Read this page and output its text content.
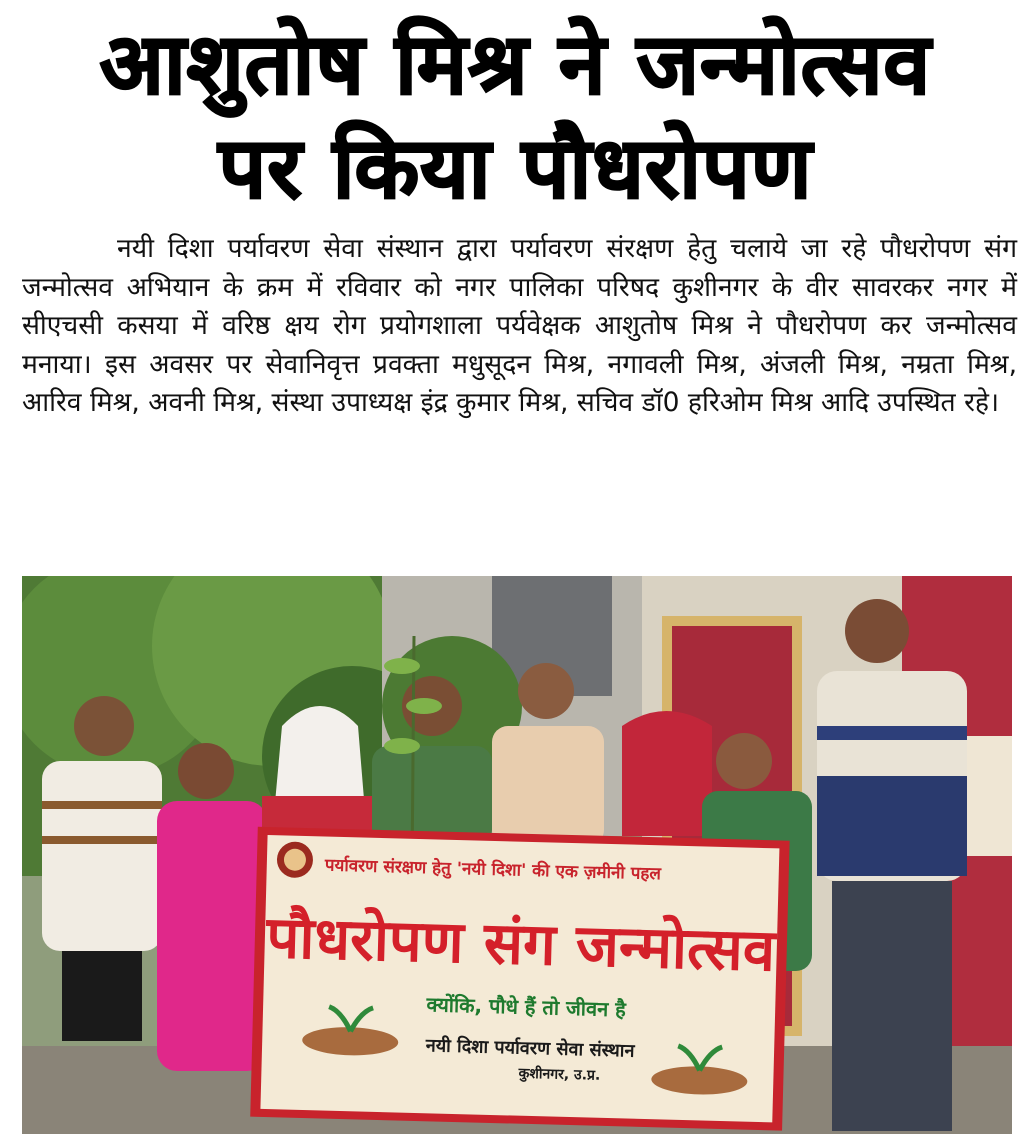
आशुतोष मिश्र ने जन्मोत्सव
पर किया पौधरोपण

नयी दिशा पर्यावरण सेवा संस्थान द्वारा पर्यावरण संरक्षण हेतु चलाये जा रहे पौधरोपण संग जन्मोत्सव अभियान के क्रम में रविवार को नगर पालिका परिषद कुशीनगर के वीर सावरकर नगर में सीएचसी कसया में वरिष्ठ क्षय रोग प्रयोगशाला पर्यवेक्षक आशुतोष मिश्र ने पौधरोपण कर जन्मोत्सव मनाया। इस अवसर पर सेवानिवृत्त प्रवक्ता मधुसूदन मिश्र, नगावली मिश्र, अंजली मिश्र, नम्रता मिश्र, आरिव मिश्र, अवनी मिश्र, संस्था उपाध्यक्ष इंद्र कुमार मिश्र, सचिव डॉ0 हरिओम मिश्र आदि उपस्थित रहे।

पर्यावरण संरक्षण हेतु 'नयी दिशा' की एक ज़मीनी पहल
पौधरोपण संग जन्मोत्सव
क्योंकि, पौधे हैं तो जीवन है
नयी दिशा पर्यावरण सेवा संस्थान
कुशीनगर, उ.प्र.
